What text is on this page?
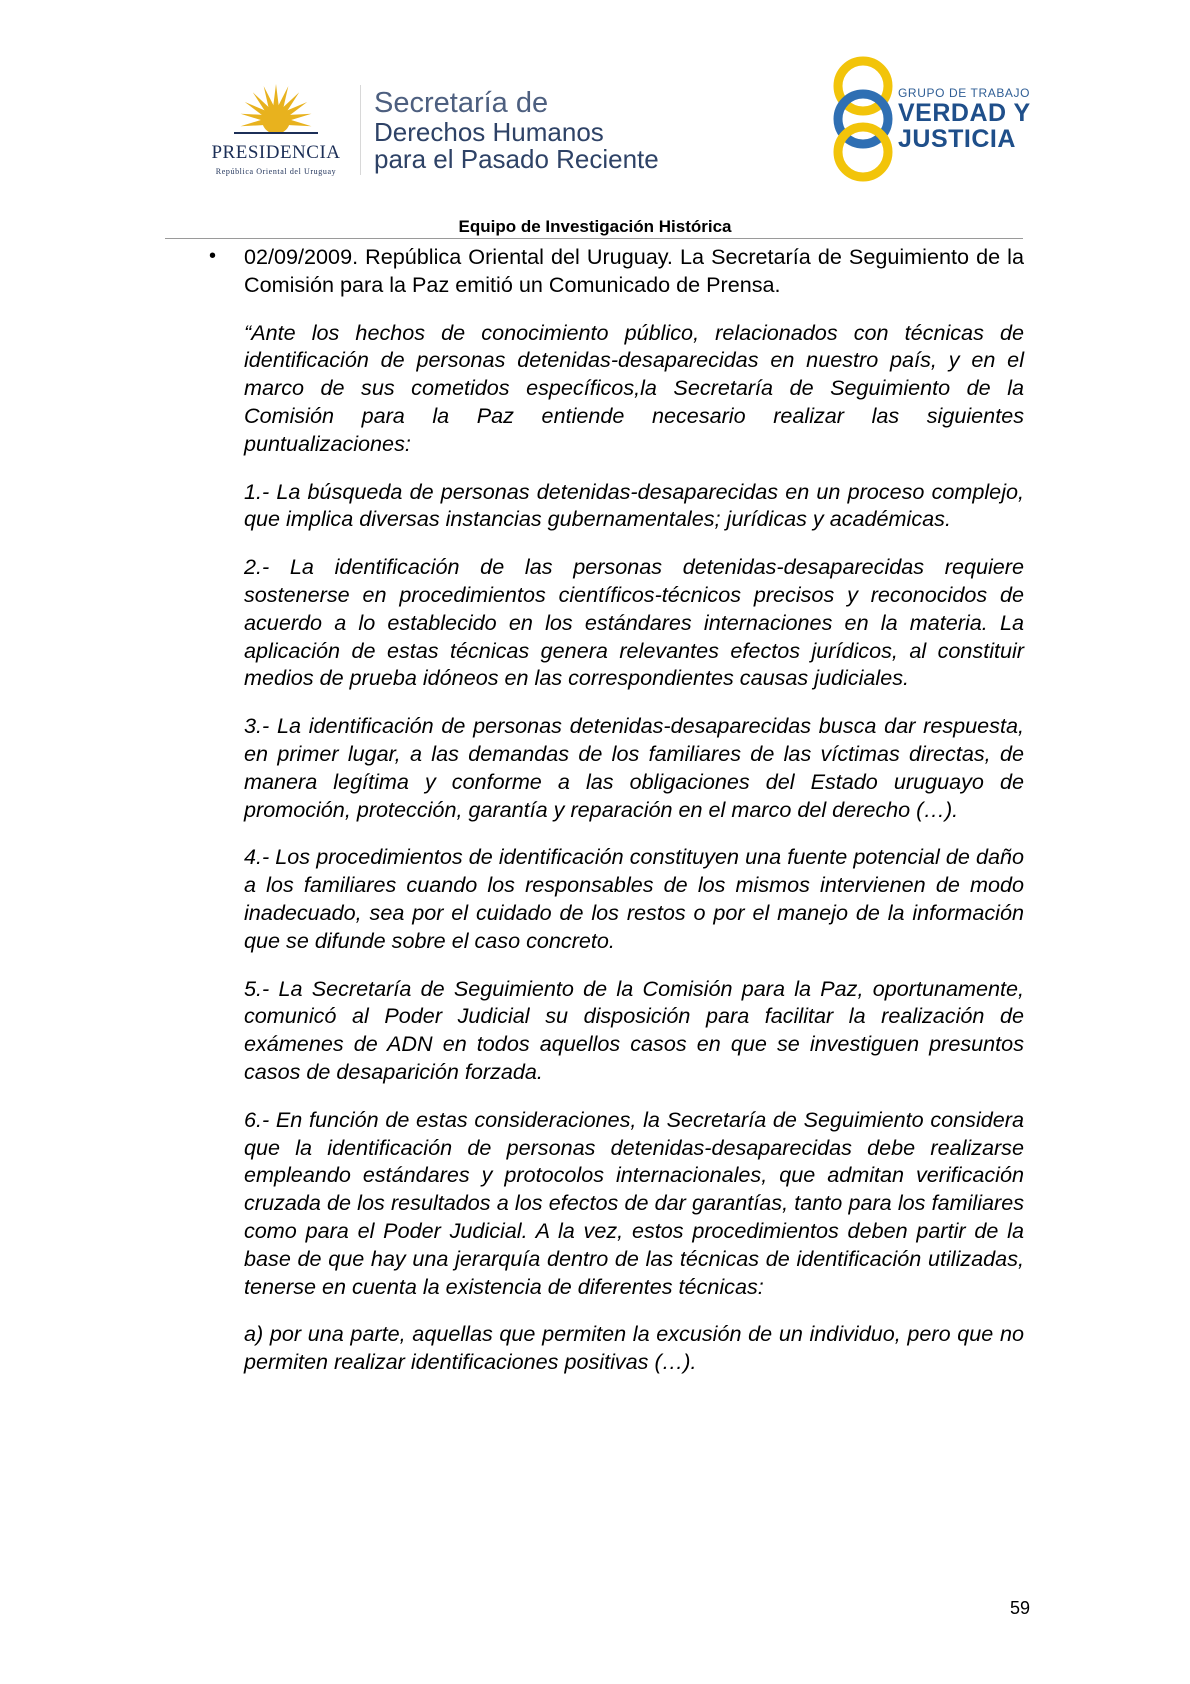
PRESIDENCIA
República Oriental del Uruguay
Secretaría de
Derechos Humanos
para el Pasado Reciente
GRUPO DE TRABAJO
VERDAD Y
JUSTICIA
Equipo de Investigación Histórica
• 02/09/2009. República Oriental del Uruguay. La Secretaría de Seguimiento de la Comisión para la Paz emitió un Comunicado de Prensa.

“Ante los hechos de conocimiento público, relacionados con técnicas de identificación de personas detenidas-desaparecidas en nuestro país, y en el marco de sus cometidos específicos,la Secretaría de Seguimiento de la Comisión para la Paz entiende necesario realizar las siguientes puntualizaciones:

1.- La búsqueda de personas detenidas-desaparecidas en un proceso complejo, que implica diversas instancias gubernamentales; jurídicas y académicas.

2.- La identificación de las personas detenidas-desaparecidas requiere sostenerse en procedimientos científicos-técnicos precisos y reconocidos de acuerdo a lo establecido en los estándares internaciones en la materia. La aplicación de estas técnicas genera relevantes efectos jurídicos, al constituir medios de prueba idóneos en las correspondientes causas judiciales.

3.- La identificación de personas detenidas-desaparecidas busca dar respuesta, en primer lugar, a las demandas de los familiares de las víctimas directas, de manera legítima y conforme a las obligaciones del Estado uruguayo de promoción, protección, garantía y reparación en el marco del derecho (…).

4.- Los procedimientos de identificación constituyen una fuente potencial de daño a los familiares cuando los responsables de los mismos intervienen de modo inadecuado, sea por el cuidado de los restos o por el manejo de la información que se difunde sobre el caso concreto.

5.- La Secretaría de Seguimiento de la Comisión para la Paz, oportunamente, comunicó al Poder Judicial su disposición para facilitar la realización de exámenes de ADN en todos aquellos casos en que se investiguen presuntos casos de desaparición forzada.

6.- En función de estas consideraciones, la Secretaría de Seguimiento considera que la identificación de personas detenidas-desaparecidas debe realizarse empleando estándares y protocolos internacionales, que admitan verificación cruzada de los resultados a los efectos de dar garantías, tanto para los familiares como para el Poder Judicial. A la vez, estos procedimientos deben partir de la base de que hay una jerarquía dentro de las técnicas de identificación utilizadas, tenerse en cuenta la existencia de diferentes técnicas:

a) por una parte, aquellas que permiten la excusión de un individuo, pero que no permiten realizar identificaciones positivas (…).

59
